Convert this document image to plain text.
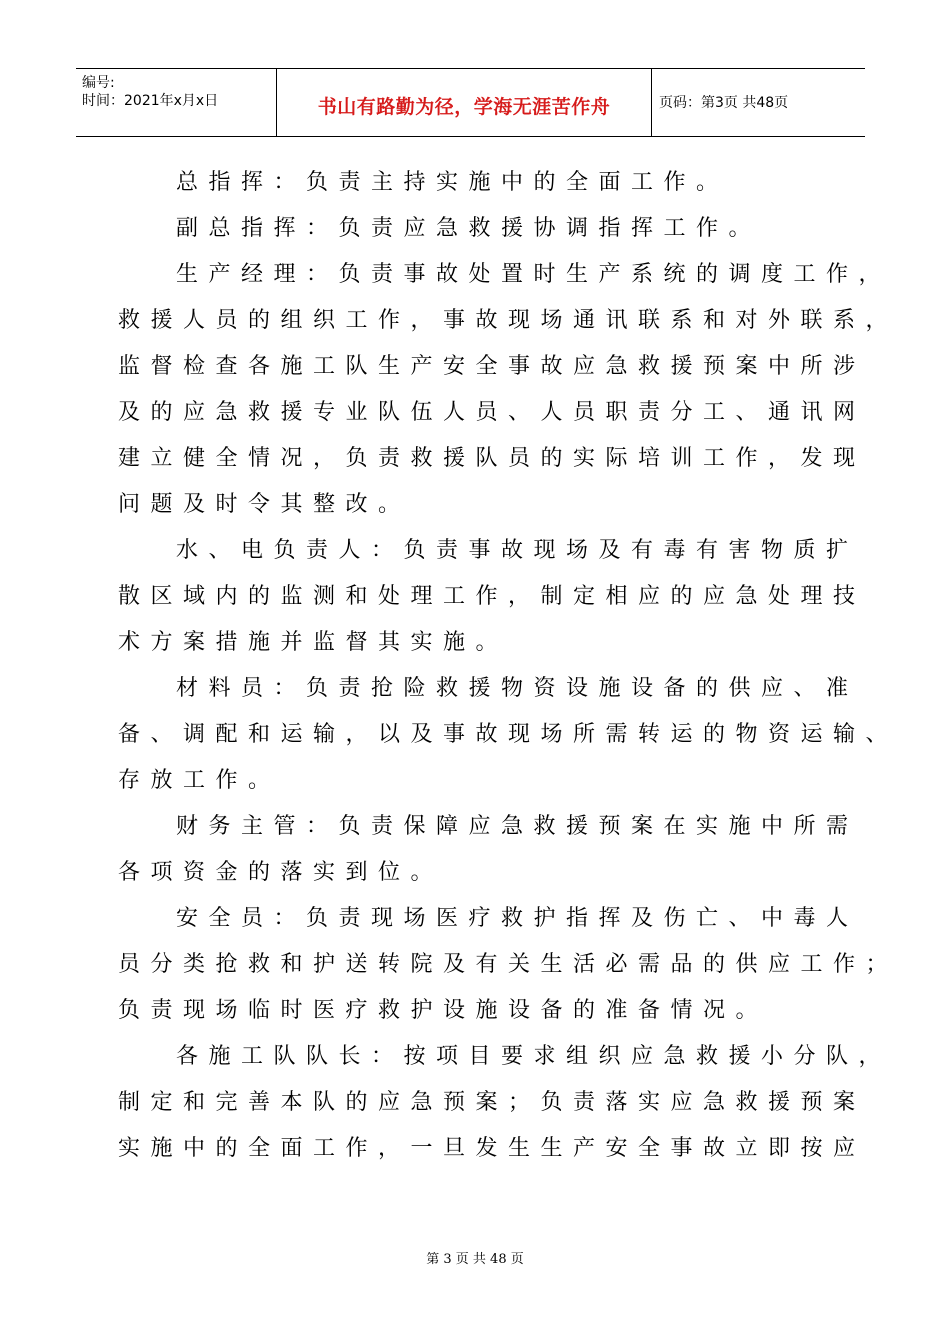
编号:
时间：2021年x月x日	书山有路勤为径，学海无涯苦作舟	页码：第3页 共48页
总指挥：负责主持实施中的全面工作。
副总指挥：负责应急救援协调指挥工作。
生产经理：负责事故处置时生产系统的调度工作，
救援人员的组织工作，事故现场通讯联系和对外联系，
监督检查各施工队生产安全事故应急救援预案中所涉
及的应急救援专业队伍人员、人员职责分工、通讯网
建立健全情况，负责救援队员的实际培训工作，发现
问题及时令其整改。
水、电负责人：负责事故现场及有毒有害物质扩
散区域内的监测和处理工作，制定相应的应急处理技
术方案措施并监督其实施。
材料员：负责抢险救援物资设施设备的供应、准
备、调配和运输，以及事故现场所需转运的物资运输、
存放工作。
财务主管：负责保障应急救援预案在实施中所需
各项资金的落实到位。
安全员：负责现场医疗救护指挥及伤亡、中毒人
员分类抢救和护送转院及有关生活必需品的供应工作；
负责现场临时医疗救护设施设备的准备情况。
各施工队队长：按项目要求组织应急救援小分队，
制定和完善本队的应急预案；负责落实应急救援预案
实施中的全面工作，一旦发生生产安全事故立即按应
第 3 页 共 48 页
